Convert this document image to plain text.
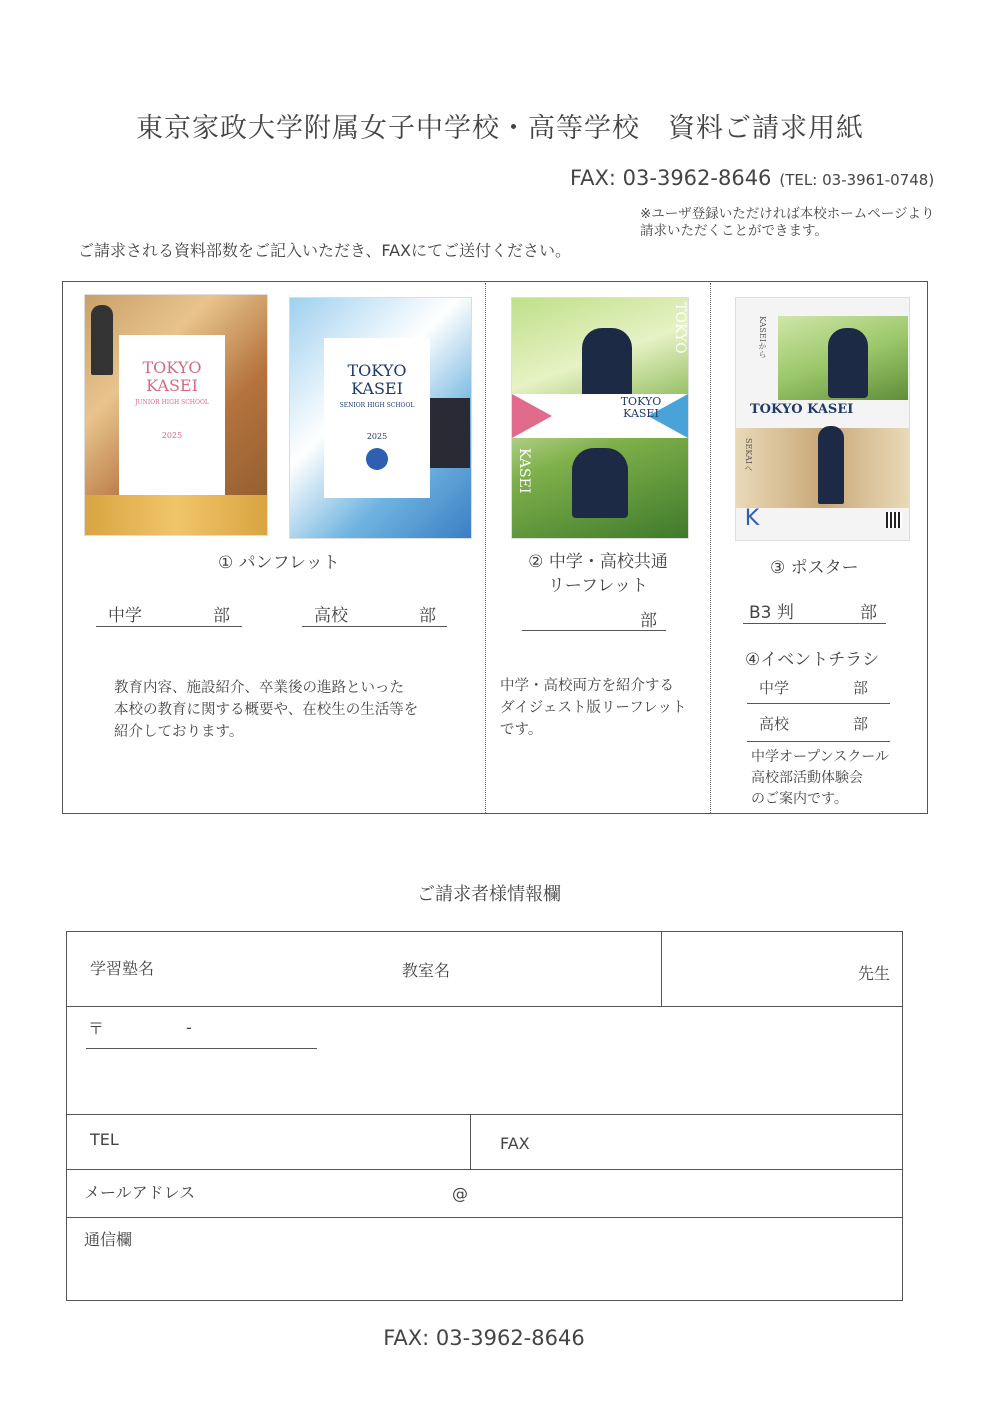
東京家政大学附属女子中学校・高等学校　資料ご請求用紙
FAX: 03-3962-8646 (TEL: 03-3961-0748)
※ユーザ登録いただければ本校ホームページより
請求いただくことができます。
ご請求される資料部数をご記入いただき、FAXにてご送付ください。
TOKYO
KASEI
JUNIOR HIGH SCHOOL
2025
TOKYO
KASEI
SENIOR HIGH SCHOOL
2025
① パンフレット
中学	部	高校	部
教育内容、施設紹介、卒業後の進路といった
本校の教育に関する概要や、在校生の生活等を
紹介しております。
TOKYO
KASEI
TOKYO
KASEI
② 中学・高校共通
リーフレット
部
中学・高校両方を紹介する
ダイジェスト版リーフレット
です。
TOKYO KASEI
KASEIから
SEKAIへ
K
③ ポスター
B3 判	部
④イベントチラシ
中学	部
高校	部
中学オープンスクール
高校部活動体験会
のご案内です。
ご請求者様情報欄
学習塾名	教室名	先生
〒	-
TEL	FAX
メールアドレス	@
通信欄
FAX: 03-3962-8646
